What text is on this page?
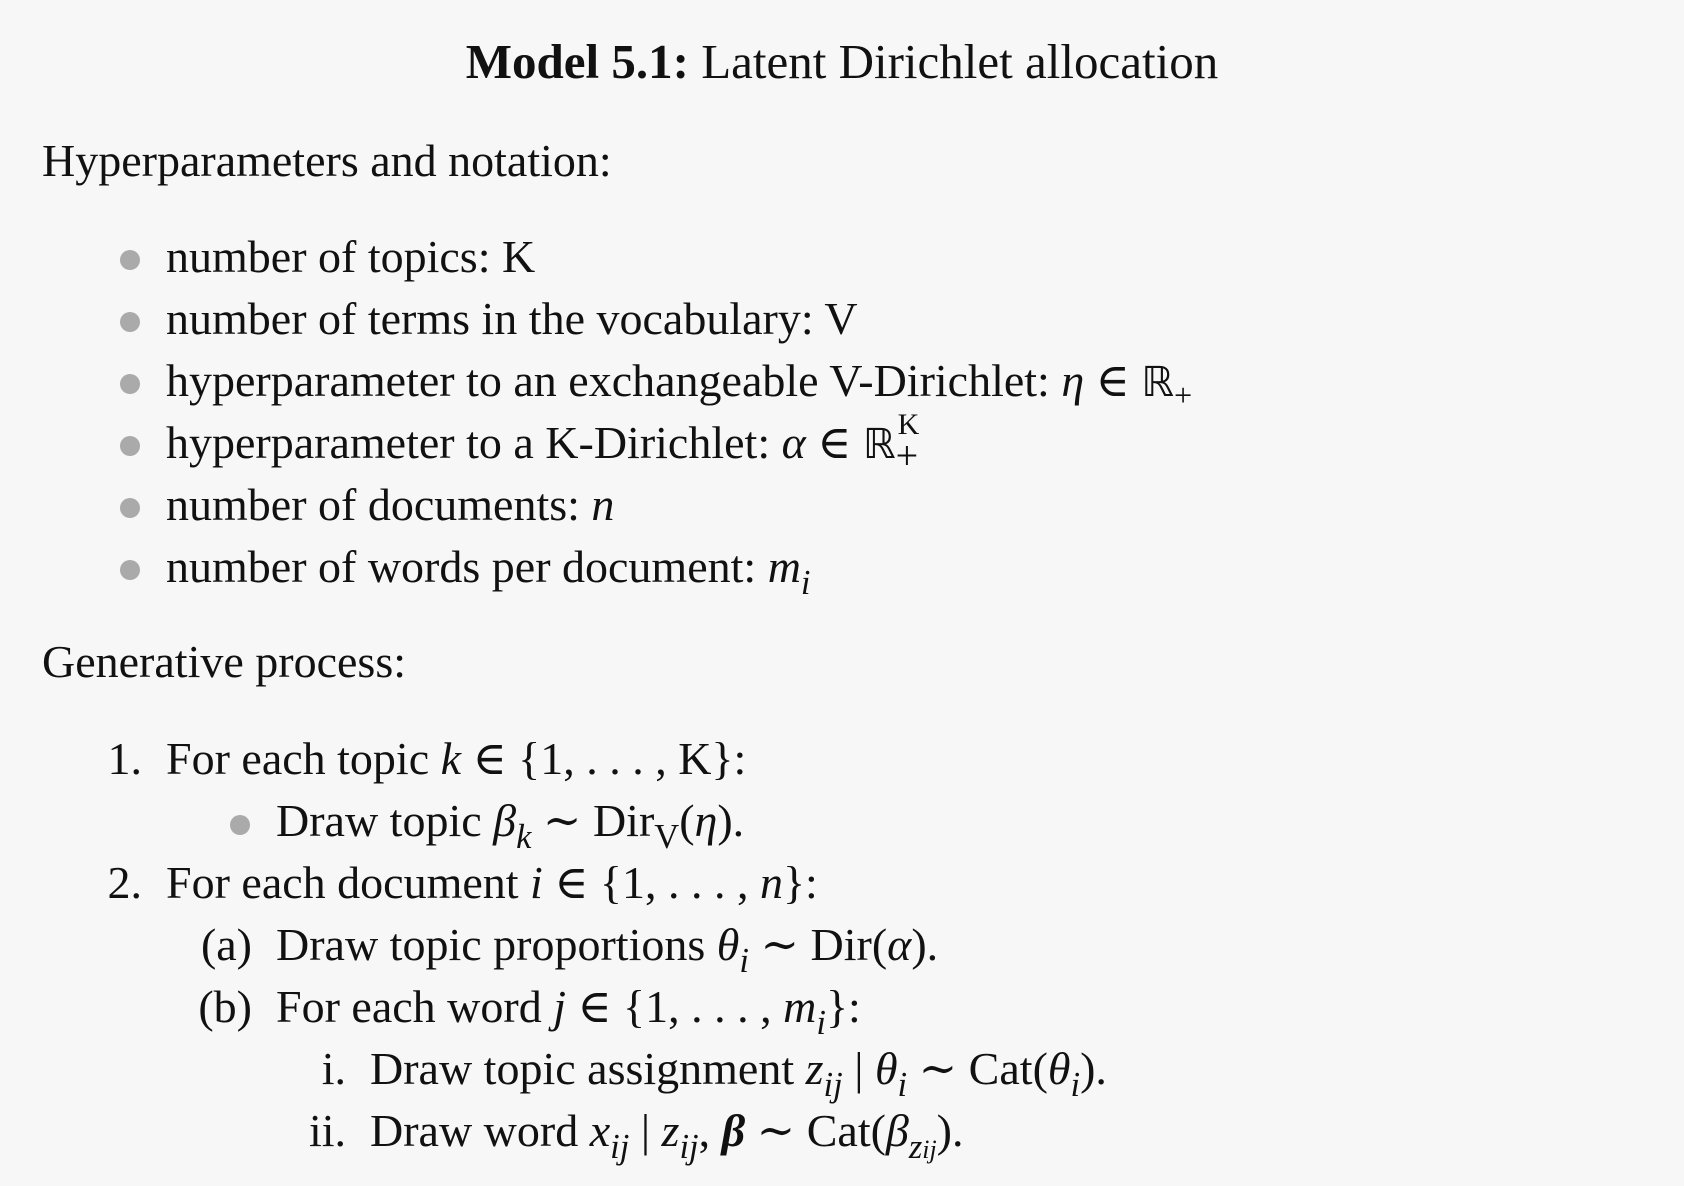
Model 5.1: Latent Dirichlet allocation
Hyperparameters and notation:
number of topics: K
number of terms in the vocabulary: V
hyperparameter to an exchangeable V-Dirichlet: η ∈ ℝ$_+$
hyperparameter to a K-Dirichlet: α ∈ ℝ K
+
number of documents: n
number of words per document: $m_i$
Generative process:
1. For each topic k ∈ {1, . . . , K}:
Draw topic $\beta_k$ ∼ Dir$_V$(η).
2. For each document i ∈ {1, . . . , n}:
(a) Draw topic proportions $\theta_i$ ∼ Dir(α).
(b) For each word j ∈ {1, . . . , $m_i$}:
i. Draw topic assignment $z_{ij}$ | $\theta_i$ ∼ $Cat(\theta_i)$.
ii. Draw word $x_{ij}$ | $z_{ij}$, β ∼ $Cat(\beta_{zij})$.
